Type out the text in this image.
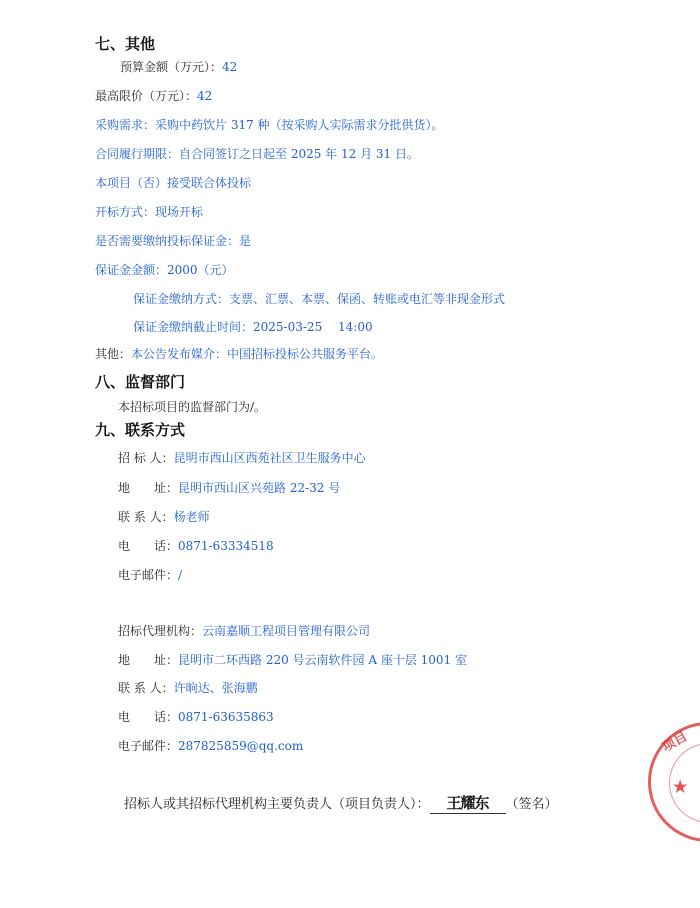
七、其他
预算金额（万元）：42
最高限价（万元）：42
采购需求：采购中药饮片 317 种（按采购人实际需求分批供货）。
合同履行期限：自合同签订之日起至 2025 年 12 月 31 日。
本项目（否）接受联合体投标
开标方式：现场开标
是否需要缴纳投标保证金：是
保证金金额：2000（元）
保证金缴纳方式：支票、汇票、本票、保函、转账或电汇等非现金形式
保证金缴纳截止时间：2025-03-25　 14:00
其他：本公告发布媒介：中国招标投标公共服务平台。
八、监督部门
本招标项目的监督部门为/。
九、联系方式
招 标 人：昆明市西山区西苑社区卫生服务中心
地　　址：昆明市西山区兴苑路 22-32 号
联 系 人：杨老师
电　　话：0871-63334518
电子邮件：/
招标代理机构：云南嘉顺工程项目管理有限公司
地　　址：昆明市二环西路 220 号云南软件园 A 座十层 1001 室
联 系 人：许晌达、张海鹏
电　　话：0871-63635863
电子邮件：287825859@qq.com
招标人或其招标代理机构主要负责人（项目负责人）： 王耀东 （签名）
项目
★
